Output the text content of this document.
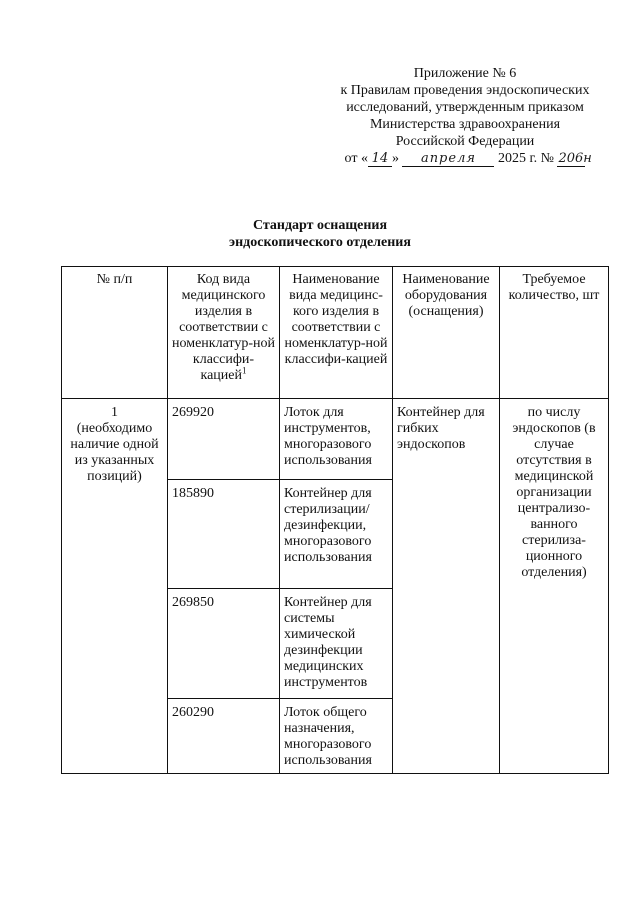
Приложение № 6
к Правилам проведения эндоскопических
исследований, утвержденным приказом
Министерства здравоохранения
Российской Федерации
от « 14 » апреля 2025 г. № 206н
Стандарт оснащения
эндоскопического отделения
№ п/п	Код вида медицинского изделия в соответствии с номенклатур-ной классифи-кацией$^1$	Наименование вида медицинс-кого изделия в соответствии с номенклатур-ной классифи-кацией	Наименование оборудования (оснащения)	Требуемое количество, шт

1
(необходимо наличие одной из указанных позиций)	269920	Лоток для инструментов, многоразового использования	Контейнер для гибких эндоскопов	по числу эндоскопов (в случае отсутствия в медицинской организации централизо-ванного стерилиза-ционного отделения)
	185890	Контейнер для стерилизации/ дезинфекции, многоразового использования		
	269850	Контейнер для системы химической дезинфекции медицинских инструментов		
	260290	Лоток общего назначения, многоразового использования		
